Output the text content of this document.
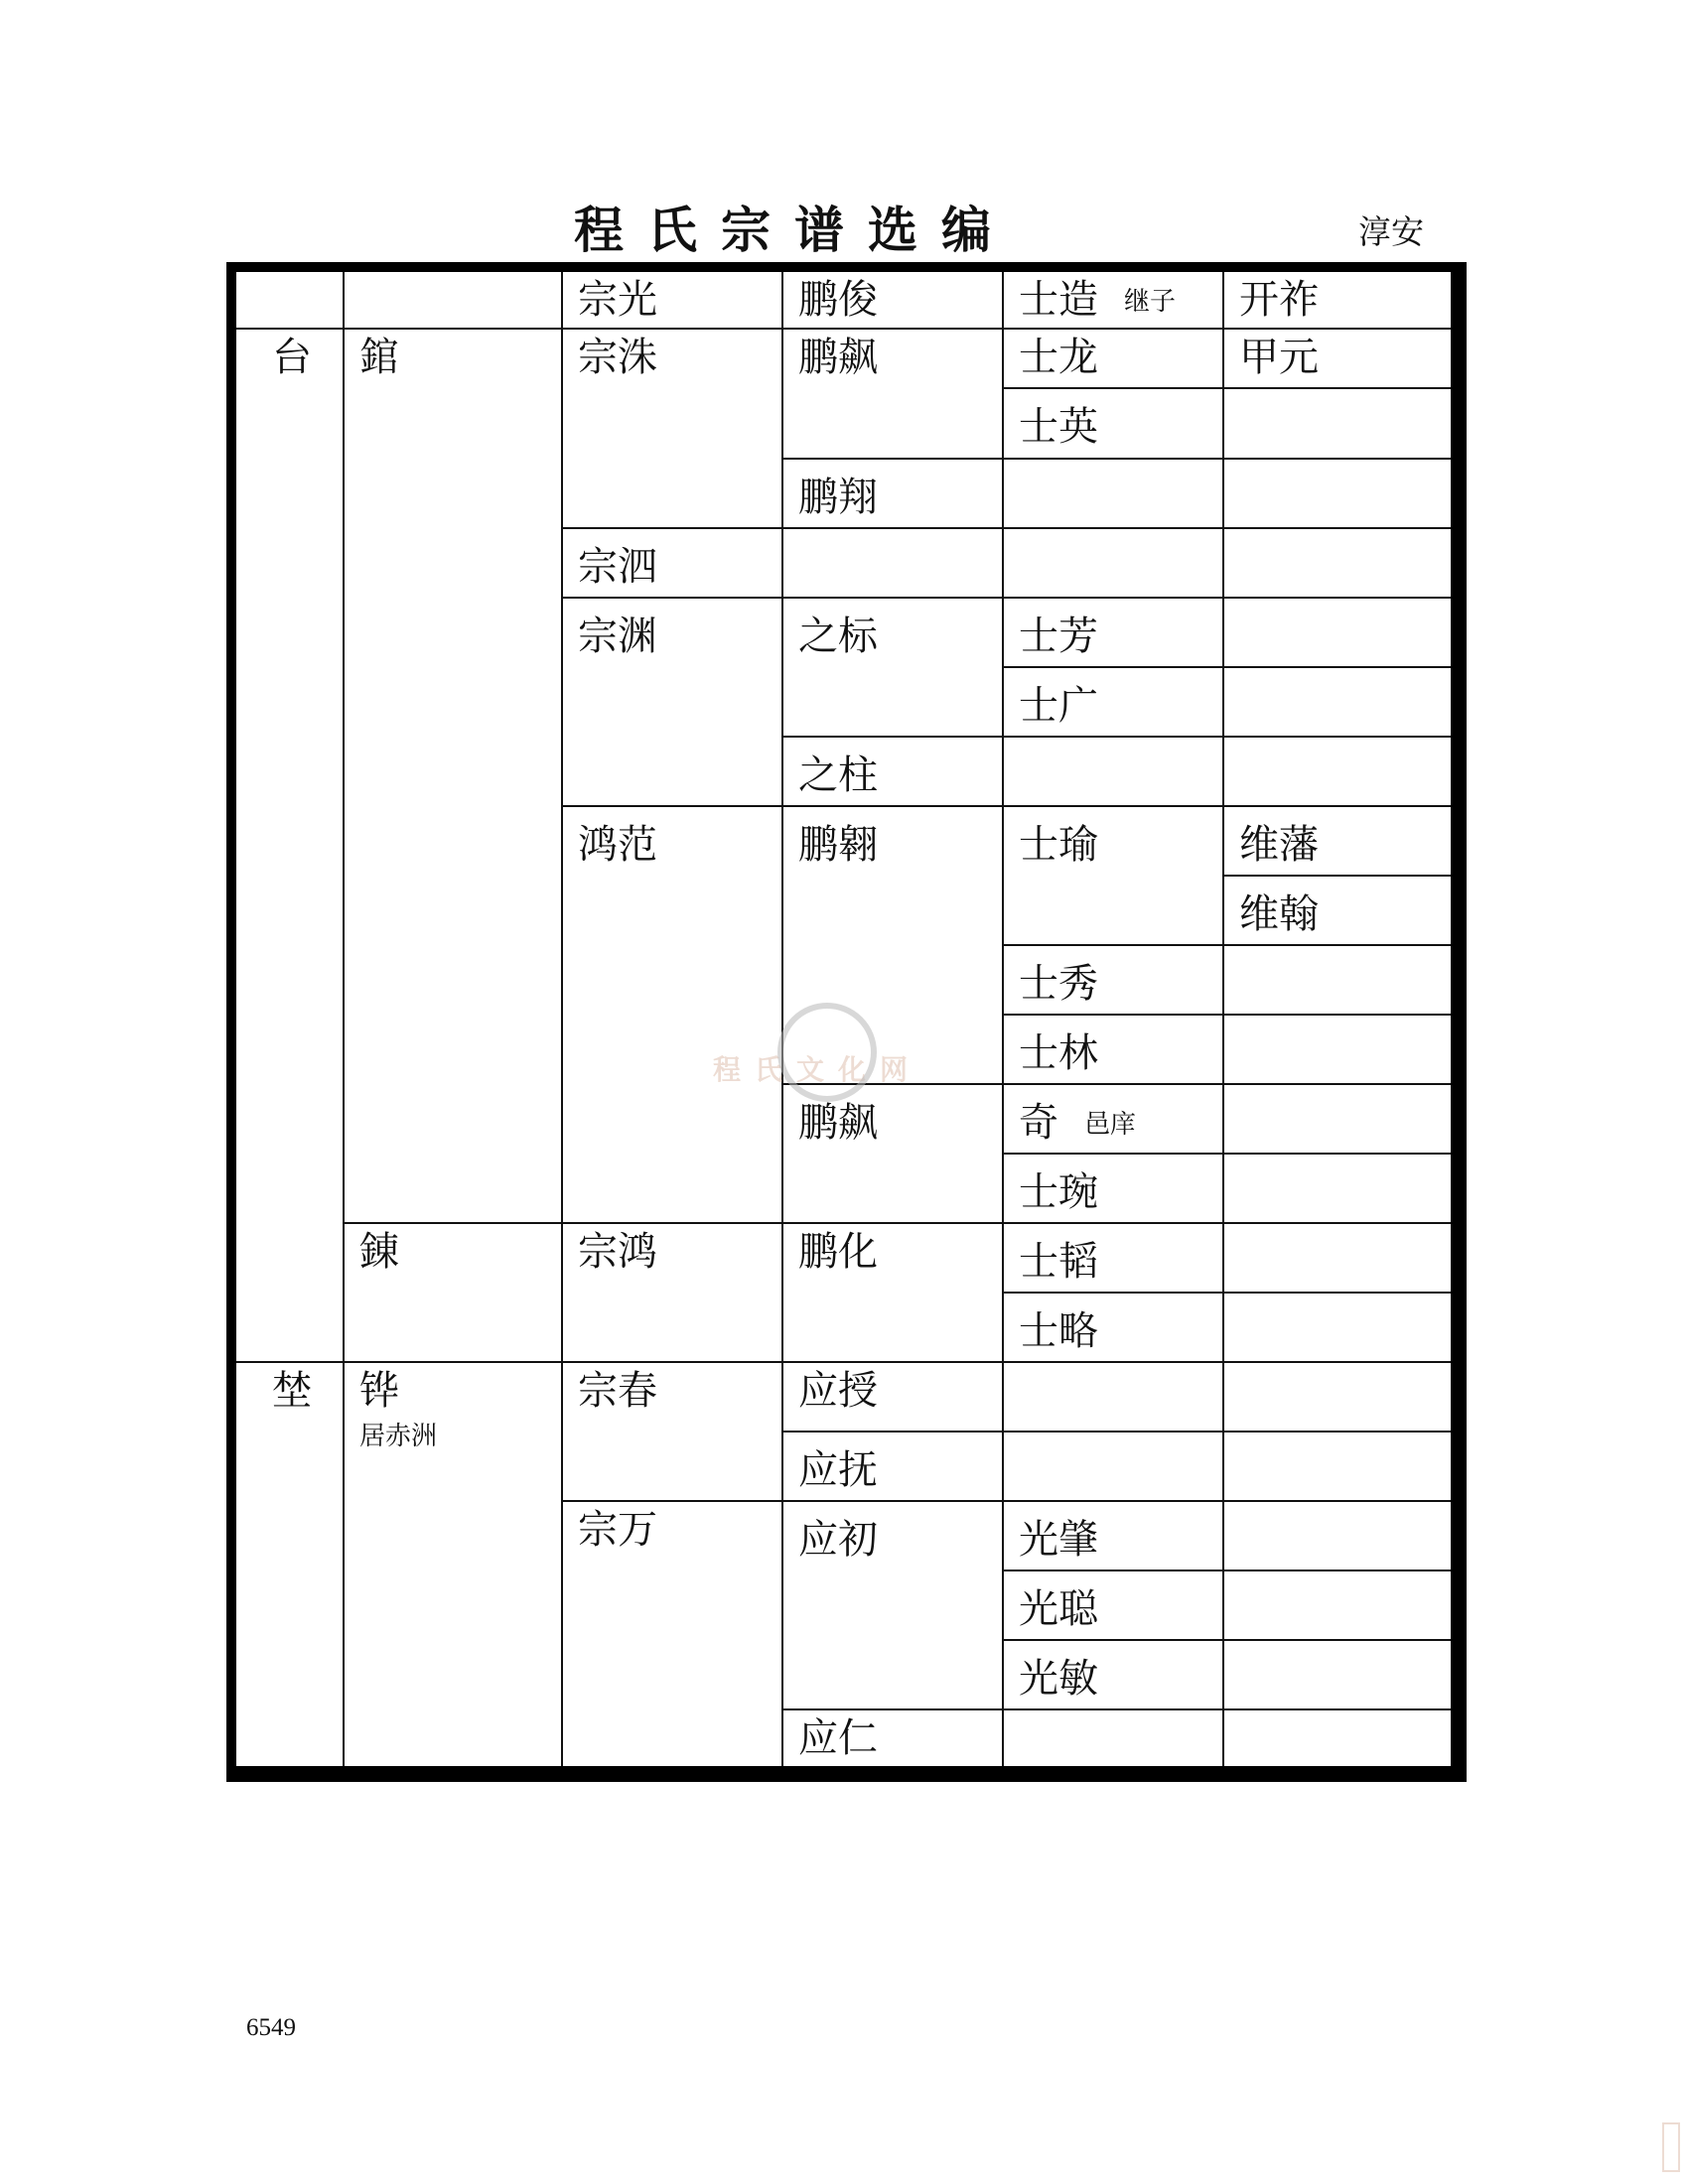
程氏宗谱选编	淳安
台
埜
錧
錬
铧
居赤洲
宗光
宗洙
宗泗
宗渊
鸿范
宗鸿
宗春
宗万
鹏俊
鹏飙
鹏翔
之标
之柱
鹏翱
鹏飙
鹏化
应授
应抚
应初
应仁
士造 继子
士龙
士英
士芳
士广
士瑜
士秀
士林
奇 邑庠
士琬
士韬
士略
光肇
光聪
光敏
开祚
甲元
维藩
维翰
程氏文化网
6549
